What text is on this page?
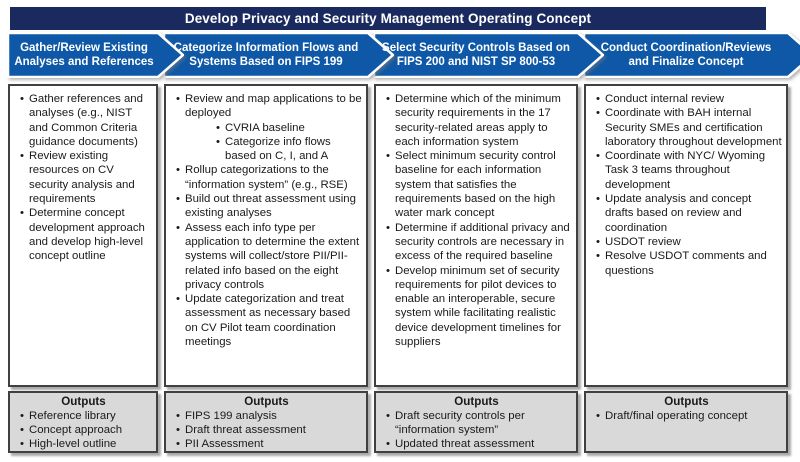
Develop Privacy and Security Management Operating Concept
Gather/Review Existing
Analyses and References
Categorize Information Flows and
Systems Based on FIPS 199
Select Security Controls Based on
FIPS 200 and NIST SP 800-53
Conduct Coordination/Reviews
and Finalize Concept
•
Gather references and analyses (e.g., NIST and Common Criteria guidance documents)
•
Review existing resources on CV security analysis and requirements
•
Determine concept development approach and develop high-level concept outline
•
Review and map applications to be deployed
•
CVRIA baseline
•
Categorize info flows based on C, I, and A
•
Rollup categorizations to the “information system” (e.g., RSE)
•
Build out threat assessment using existing analyses
•
Assess each info type per application to determine the extent systems will collect/store PII/PII-related info based on the eight privacy controls
•
Update categorization and treat assessment as necessary based on CV Pilot team coordination meetings
•
Determine which of the minimum security requirements in the 17 security-related areas apply to each information system
•
Select minimum security control baseline for each information system that satisfies the requirements based on the high water mark concept
•
Determine if additional privacy and security controls are necessary in excess of the required baseline
•
Develop minimum set of security requirements for pilot devices to enable an interoperable, secure system while facilitating realistic device development timelines for suppliers
•
Conduct internal review
•
Coordinate with BAH internal Security SMEs and certification laboratory throughout development
•
Coordinate with NYC/ Wyoming Task 3 teams throughout development
•
Update analysis and concept drafts based on review and coordination
•
USDOT review
•
Resolve USDOT comments and questions
Outputs
•
Reference library
•
Concept approach
•
High-level outline
Outputs
•
FIPS 199 analysis
•
Draft threat assessment
•
PII Assessment
Outputs
•
Draft security controls per “information system”
•
Updated threat assessment
Outputs
•
Draft/final operating concept
